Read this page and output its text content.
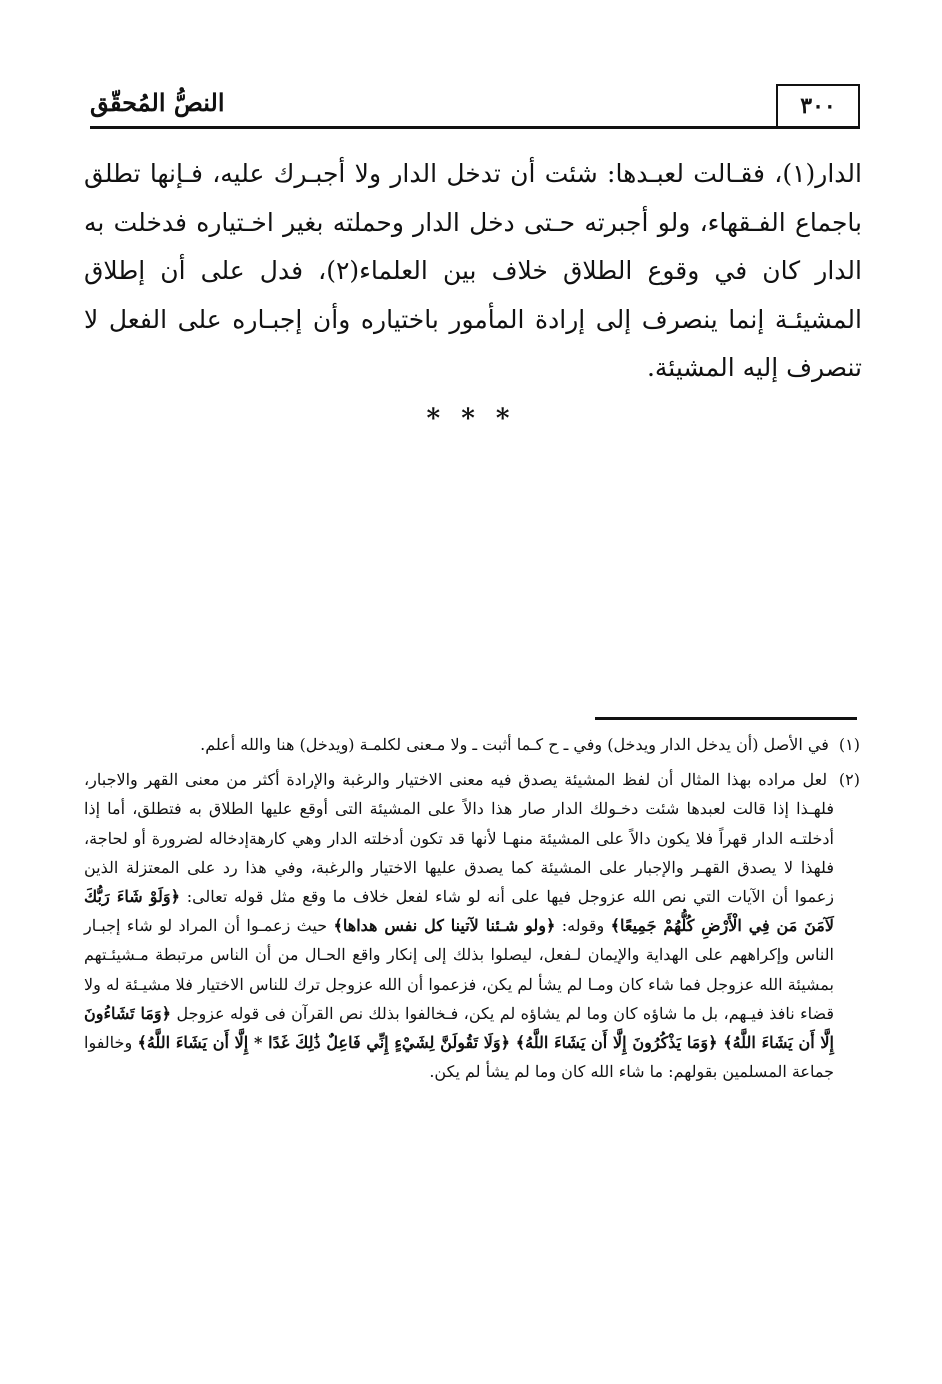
النصُّ المُحقّق	٣٠٠

الدار(١)، فقـالت لعبـدها: شئت أن تدخل الدار ولا أجبـرك عليه، فـإنها تطلق باجماع الفـقهاء، ولو أجبرته حـتى دخل الدار وحملته بغير اخـتياره فدخلت به الدار كان في وقوع الطلاق خلاف بين العلماء(٢)، فدل على أن إطلاق المشيئـة إنما ينصرف إلى إرادة المأمور باختياره وأن إجبـاره على الفعل لا تنصرف إليه المشيئة.

* * *

(١) في الأصل (أن يدخل الدار ويدخل) وفي ـ ح كـما أثبت ـ ولا مـعنى لكلمـة (ويدخل) هنا والله أعلم.

(٢) لعل مراده بهذا المثال أن لفظ المشيئة يصدق فيه معنى الاختيار والرغبة والإرادة أكثر من معنى القهر والاجبار، فلهـذا إذا قالت لعبدها شئت دخـولك الدار صار هذا دالاً على المشيئة التى أوقع عليها الطلاق به فتطلق، أما إذا أدخلتـه الدار قهراً فلا يكون دالاً على المشيئة منهـا لأنها قد تكون أدخلته الدار وهي كارهةإدخاله لضرورة أو لحاجة، فلهذا لا يصدق القهـر والإجبار على المشيئة كما يصدق عليها الاختيار والرغبة، وفي هذا رد على المعتزلة الذين زعموا أن الآيات التي نص الله عزوجل فيها على أنه لو شاء لفعل خلاف ما وقع مثل قوله تعالى: ﴿وَلَوْ شَاءَ رَبُّكَ لَآمَنَ مَن فِي الْأَرْضِ كُلُّهُمْ جَمِيعًا﴾ وقوله: ﴿ولو شـئنا لآتينا كل نفس هداها﴾ حيث زعمـوا أن المراد لو شاء إجبـار الناس وإكراههم على الهداية والإيمان لـفعل، ليصلوا بذلك إلى إنكار واقع الحـال من أن الناس مرتبطة مـشيئـتهم بمشيئة الله عزوجل فما شاء كان ومـا لم يشأ لم يكن، فزعموا أن الله عزوجل ترك للناس الاختيار فلا مشيـئة له ولا قضاء نافذ فيـهم، بل ما شاؤه كان وما لم يشاؤه لم يكن، فـخالفوا بذلك نص القرآن فى قوله عزوجل ﴿وَمَا تَشَاءُونَ إِلَّا أَن يَشَاءَ اللَّهُ﴾ ﴿وَمَا يَذْكُرُونَ إِلَّا أَن يَشَاءَ اللَّهُ﴾ ﴿وَلَا تَقُولَنَّ لِشَيْءٍ إِنِّي فَاعِلٌ ذَٰلِكَ غَدًا * إِلَّا أَن يَشَاءَ اللَّهُ﴾ وخالفوا جماعة المسلمين بقولهم: ما شاء الله كان وما لم يشأ لم يكن.
